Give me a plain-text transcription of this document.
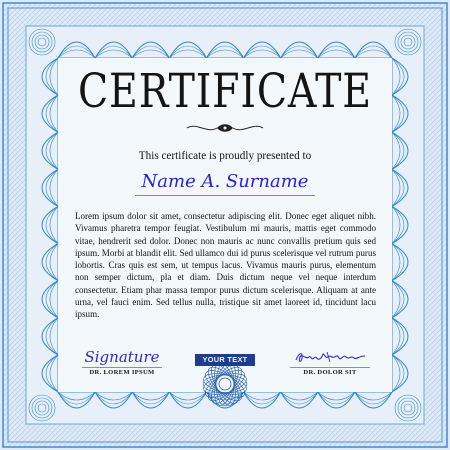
CERTIFICATE
This certificate is proudly presented to
Name A. Surname
Lorem ipsum dolor sit amet, consectetur adipiscing elit. Donec eget aliquet nibh. Vivamus pharetra tempor feugiat. Vestibulum mi mauris, mattis eget commodo vitae, hendrerit sed dolor. Donec non mauris ac nunc convallis pretium quis sed ipsum. Morbi at blandit elit. Sed ullamco dui id purus scelerisque vel rutrum purus lobortis. Cras quis est sem, ut tempus lacus. Vivamus mauris purus, elementum non semper dictum, pla et diam. Duis dictum neque vel neque interdum consectetur. Etiam phar massa tempor purus dictum scelerisque. Aliquam at ante urna, vel fauci enim. Sed tellus nulla, tristique sit amet laoreet id, tincidunt lacu ipsum.
Signature
DR. LOREM IPSUM
YOUR TEXT
DR. DOLOR SIT
